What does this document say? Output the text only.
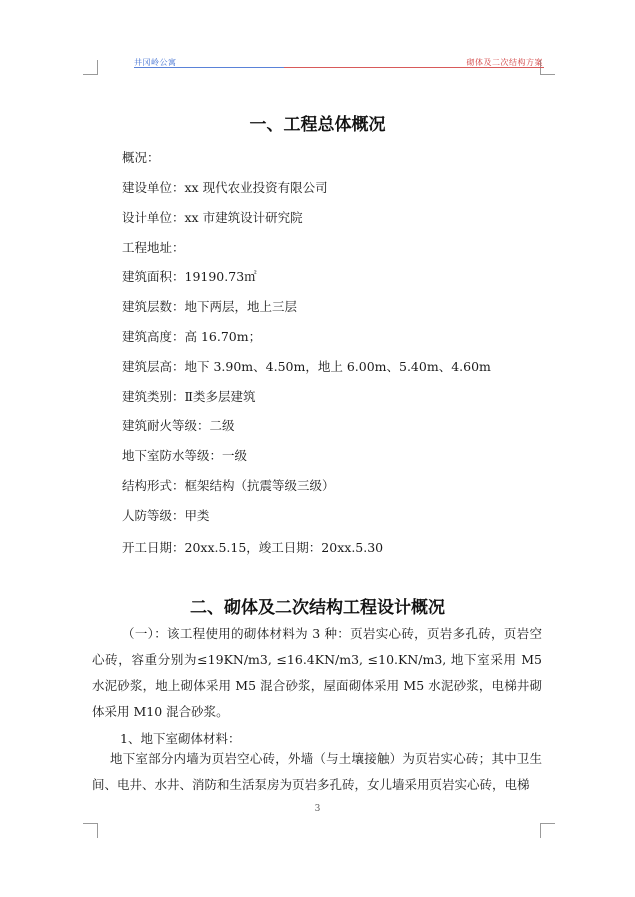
井冈岭公寓	砌体及二次结构方案
一、工程总体概况
概况：
建设单位：xx 现代农业投资有限公司
设计单位：xx 市建筑设计研究院
工程地址：
建筑面积：19190.73㎡
建筑层数：地下两层，地上三层
建筑高度：高 16.70m；
建筑层高：地下 3.90m、4.50m，地上 6.00m、5.40m、4.60m
建筑类别：Ⅱ类多层建筑
建筑耐火等级：二级
地下室防水等级：一级
结构形式：框架结构（抗震等级三级）
人防等级：甲类
开工日期：20xx.5.15，竣工日期：20xx.5.30
二、砌体及二次结构工程设计概况
（一）：该工程使用的砌体材料为 3 种：页岩实心砖，页岩多孔砖，页岩空心砖，容重分别为≤19KN/m3, ≤16.4KN/m3, ≤10.KN/m3, 地下室采用 M5 水泥砂浆，地上砌体采用 M5 混合砂浆，屋面砌体采用 M5 水泥砂浆，电梯井砌体采用 M10 混合砂浆。
1、地下室砌体材料：
地下室部分内墙为页岩空心砖，外墙（与土壤接触）为页岩实心砖；其中卫生间、电井、水井、消防和生活泵房为页岩多孔砖，女儿墙采用页岩实心砖，电梯
3
